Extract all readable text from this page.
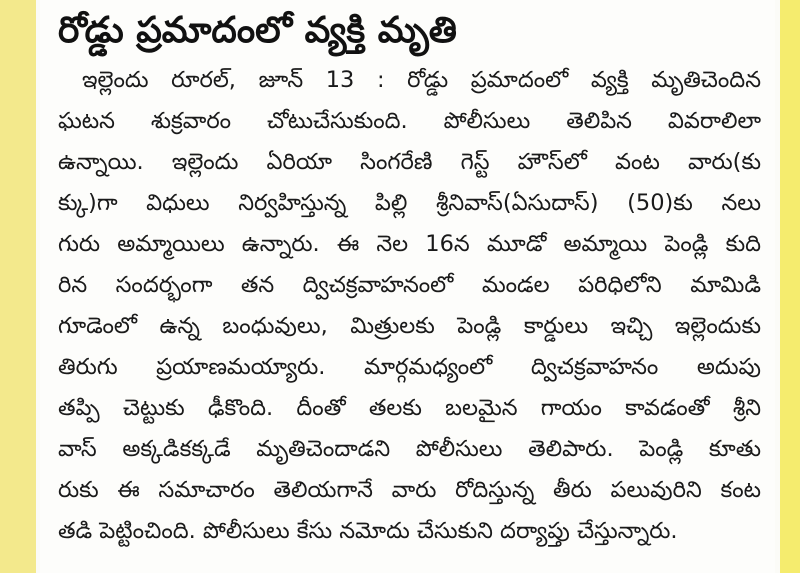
రోడ్డు ప్రమాదంలో వ్యక్తి మృతి
ఇల్లెందు రూరల్, జూన్ 13 : రోడ్డు ప్రమాదంలో వ్యక్తి మృతిచెందిన
ఘటన శుక్రవారం చోటుచేసుకుంది. పోలీసులు తెలిపిన వివరాలిలా
ఉన్నాయి. ఇల్లెందు ఏరియా సింగరేణి గెస్ట్ హౌస్‌లో వంట వారు(కు
క్కు)గా విధులు నిర్వహిస్తున్న పిల్లి శ్రీనివాస్(ఏసుదాస్) (50)కు నలు
గురు అమ్మాయిలు ఉన్నారు. ఈ నెల 16న మూడో అమ్మాయి పెండ్లి కుది
రిన సందర్భంగా తన ద్విచక్రవాహనంలో మండల పరిధిలోని మామిడి
గూడెంలో ఉన్న బంధువులు, మిత్రులకు పెండ్లి కార్డులు ఇచ్చి ఇల్లెందుకు
తిరుగు ప్రయాణమయ్యారు. మార్గమధ్యంలో ద్విచక్రవాహనం అదుపు
తప్పి చెట్టుకు ఢీకొంది. దీంతో తలకు బలమైన గాయం కావడంతో శ్రీని
వాస్ అక్కడికక్కడే మృతిచెందాడని పోలీసులు తెలిపారు. పెండ్లి కూతు
రుకు ఈ సమాచారం తెలియగానే వారు రోదిస్తున్న తీరు పలువురిని కంట
తడి పెట్టించింది. పోలీసులు కేసు నమోదు చేసుకుని దర్యాప్తు చేస్తున్నారు.
